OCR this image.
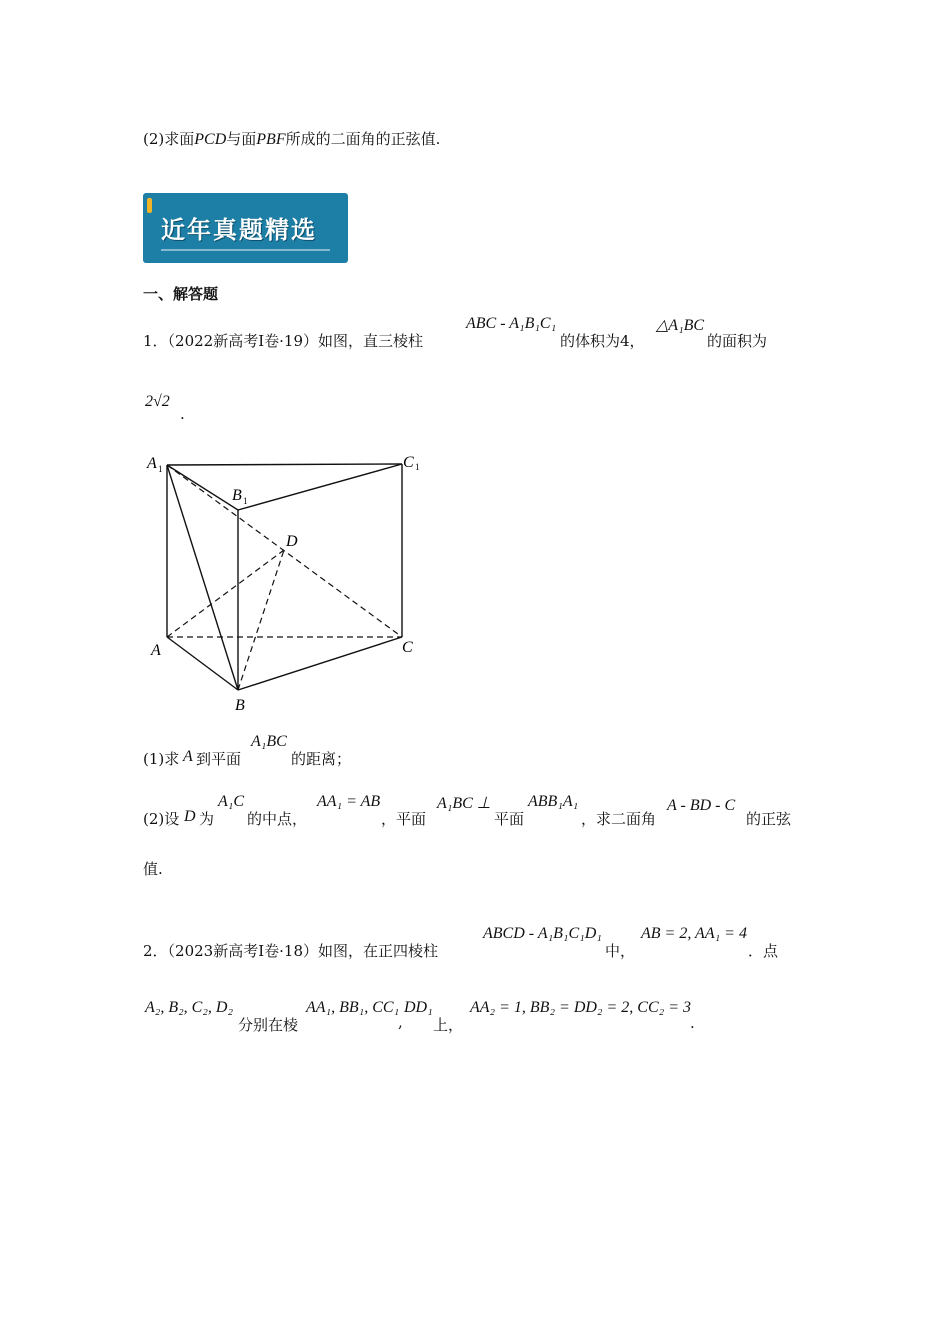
(2)求面PCD与面PBF所成的二面角的正弦值.
近年真题精选
一、解答题
1．（2022新高考Ⅰ卷·19）如图，直三棱柱
ABC - A₁B₁C₁
的体积为4，
△A₁BC
的面积为
2√2
.
A 1	C 1
B 1
D
A	C
B
(1)求 A 到平面
A₁BC
的距离；
(2)设 D 为
A₁C
的中点，
AA₁ = AB
，平面
A₁BC ⊥
平面
ABB₁A₁
，求二面角
A - BD - C
的正弦
值.
2．（2023新高考Ⅰ卷·18）如图，在正四棱柱
ABCD - A₁B₁C₁D₁
中，
AB = 2, AA₁ = 4
．点
A₂, B₂, C₂, D₂
分别在棱
AA₁, BB₁, CC₁
,
DD₁
上，
AA₂ = 1, BB₂ = DD₂ = 2, CC₂ = 3
.
